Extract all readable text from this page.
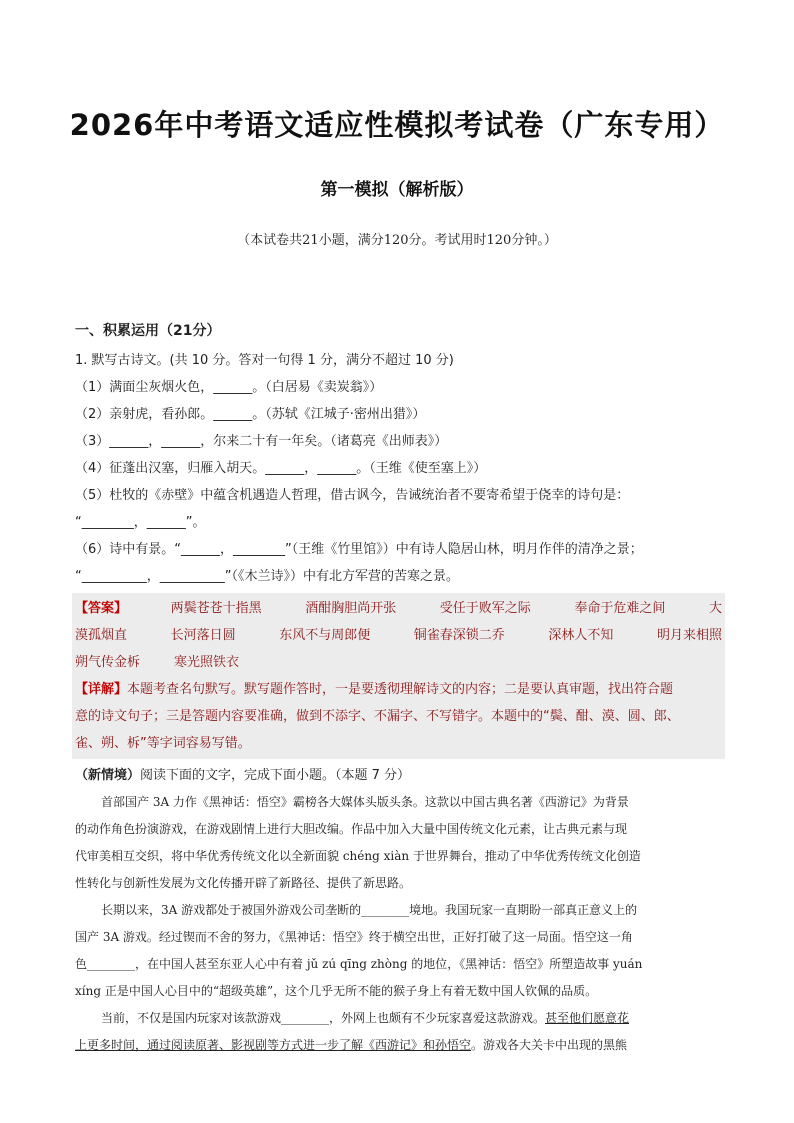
2026年中考语文适应性模拟考试卷（广东专用）
第一模拟（解析版）
（本试卷共21小题，满分120分。考试用时120分钟。）
一、积累运用（21分）
1. 默写古诗文。(共 10 分。答对一句得 1 分，满分不超过 10 分)
（1）满面尘灰烟火色，______。（白居易《卖炭翁》）
（2）亲射虎，看孙郎。______。（苏轼《江城子·密州出猎》）
（3）______，______，尔来二十有一年矣。（诸葛亮《出师表》）
（4）征蓬出汉塞，归雁入胡天。______，______。（王维《使至塞上》）
（5）杜牧的《赤壁》中蕴含机遇造人哲理，借古讽今，告诫统治者不要寄希望于侥幸的诗句是：
“________，______”。
（6）诗中有景。“______，________”（王维《竹里馆》）中有诗人隐居山林，明月作伴的清净之景；
“__________，__________”（《木兰诗》）中有北方军营的苦寒之景。
【答案】	两鬓苍苍十指黑	酒酣胸胆尚开张	受任于败军之际	奉命于危难之间	大
漠孤烟直	长河落日圆	东风不与周郎便	铜雀春深锁二乔	深林人不知	明月来相照
朔气传金柝	寒光照铁衣
【详解】本题考查名句默写。默写题作答时，一是要透彻理解诗文的内容；二是要认真审题，找出符合题
意的诗文句子；三是答题内容要准确，做到不添字、不漏字、不写错字。本题中的“鬓、酣、漠、圆、郎、
雀、朔、柝”等字词容易写错。
（新情境）阅读下面的文字，完成下面小题。（本题 7 分）
首部国产 3A 力作《黑神话：悟空》霸榜各大媒体头版头条。这款以中国古典名著《西游记》为背景
的动作角色扮演游戏，在游戏剧情上进行大胆改编。作品中加入大量中国传统文化元素，让古典元素与现
代审美相互交织，将中华优秀传统文化以全新面貌 chéng xiàn 于世界舞台，推动了中华优秀传统文化创造
性转化与创新性发展为文化传播开辟了新路径、提供了新思路。
长期以来，3A 游戏都处于被国外游戏公司垄断的________境地。我国玩家一直期盼一部真正意义上的
国产 3A 游戏。经过锲而不舍的努力，《黑神话：悟空》终于横空出世，正好打破了这一局面。悟空这一角
色________，在中国人甚至东亚人心中有着 jǔ zú qīng zhòng 的地位，《黑神话：悟空》所塑造故事 yuán
xíng 正是中国人心目中的“超级英雄”，这个几乎无所不能的猴子身上有着无数中国人钦佩的品质。
当前，不仅是国内玩家对该款游戏________，外网上也颇有不少玩家喜爱这款游戏。甚至他们愿意花
上更多时间，通过阅读原著、影视剧等方式进一步了解《西游记》和孙悟空。游戏各大关卡中出现的黑熊
